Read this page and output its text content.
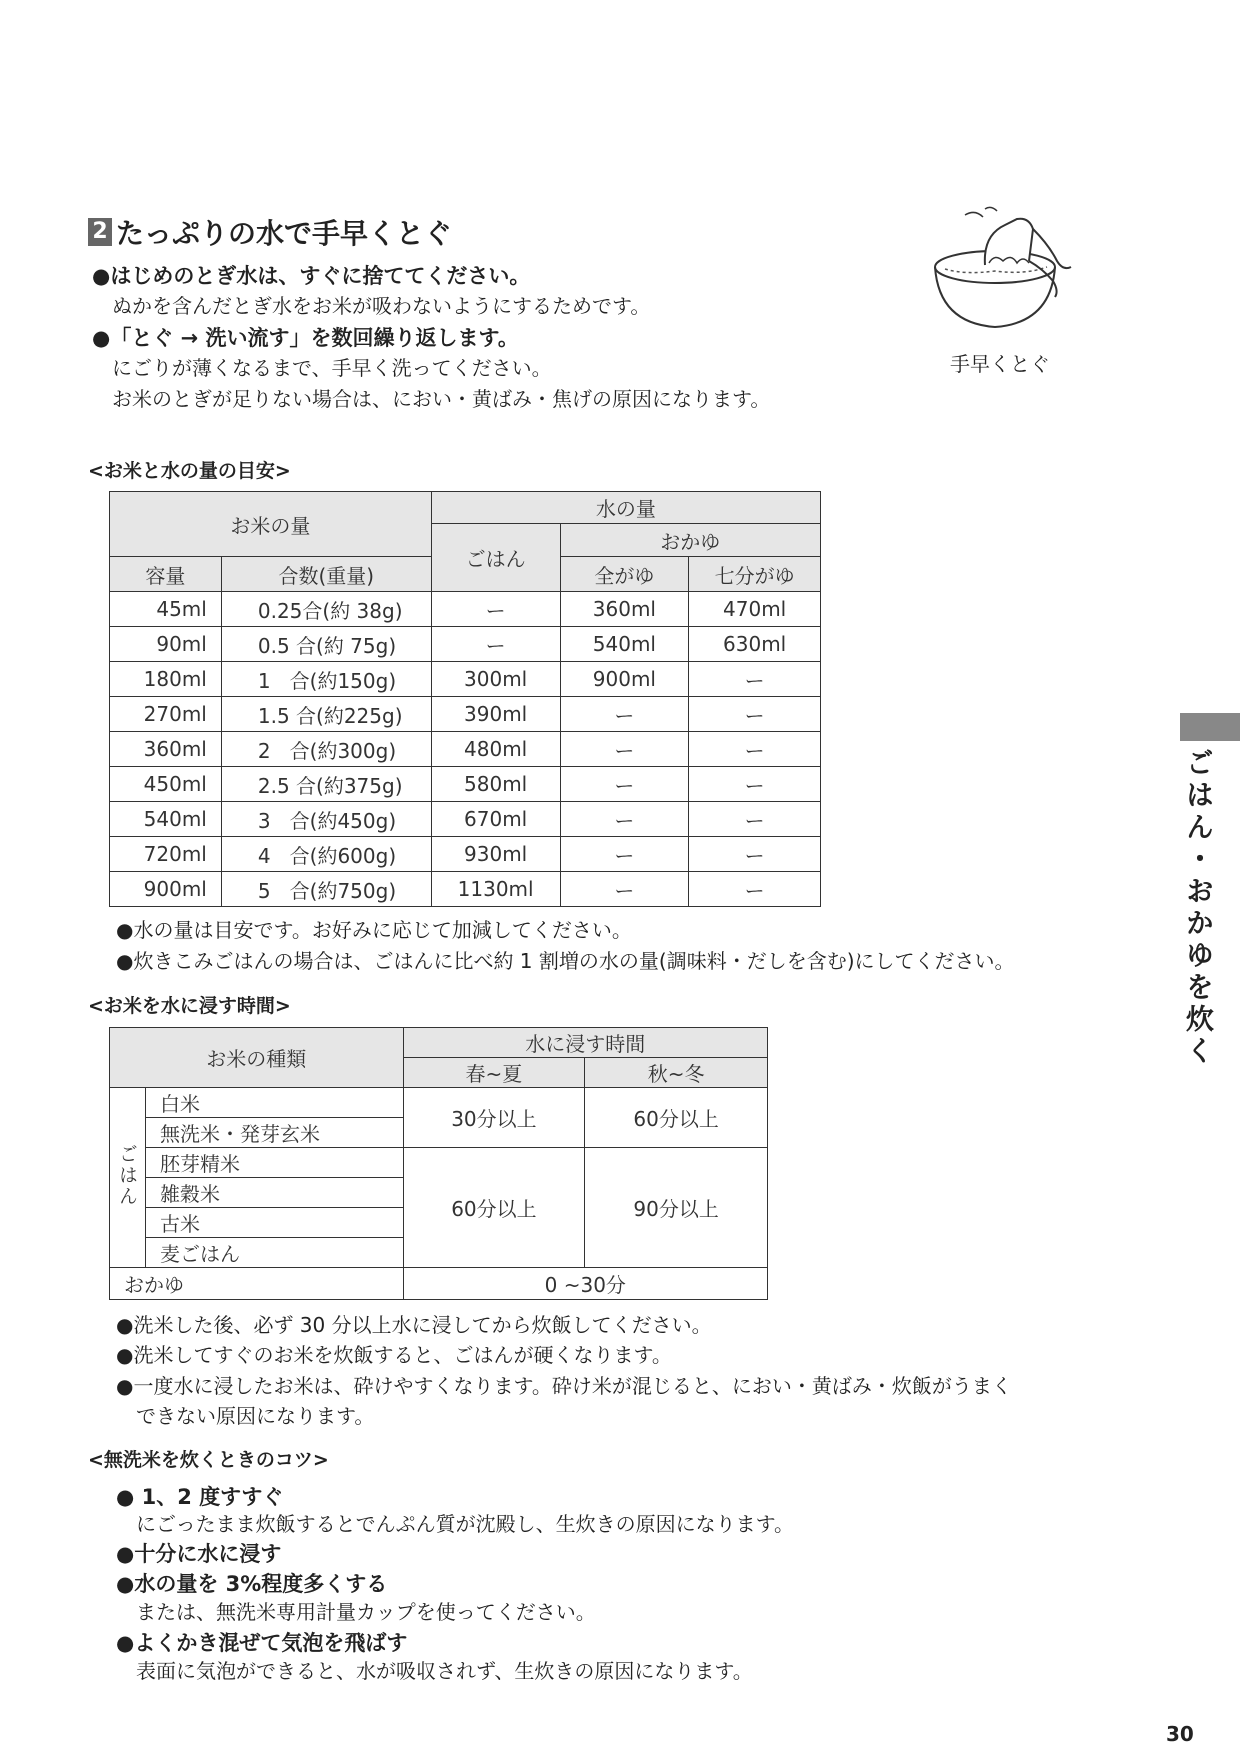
2 たっぷりの水で手早くとぐ
●はじめのとぎ水は、すぐに捨ててください。
ぬかを含んだとぎ水をお米が吸わないようにするためです。
●「とぐ → 洗い流す」を数回繰り返します。
にごりが薄くなるまで、手早く洗ってください。
お米のとぎが足りない場合は、におい・黄ばみ・焦げの原因になります。
手早くとぐ
<お米と水の量の目安>
お米の量		水の量		
		ごはん	おかゆ	
容量	合数(重量)		全がゆ	七分がゆ
45ml	0.25合(約 38g)	ー	360ml	470ml
90ml	0.5 合(約 75g)	ー	540ml	630ml
180ml	1   合(約150g)	300ml	900ml	ー
270ml	1.5 合(約225g)	390ml	ー	ー
360ml	2   合(約300g)	480ml	ー	ー
450ml	2.5 合(約375g)	580ml	ー	ー
540ml	3   合(約450g)	670ml	ー	ー
720ml	4   合(約600g)	930ml	ー	ー
900ml	5   合(約750g)	1130ml	ー	ー
●水の量は目安です。お好みに応じて加減してください。
●炊きこみごはんの場合は、ごはんに比べ約 1 割増の水の量(調味料・だしを含む)にしてください。
<お米を水に浸す時間>
お米の種類		水に浸す時間	
		春~夏	秋~冬
ごはん	白米	30分以上	60分以上
	無洗米・発芽玄米		
	胚芽精米	60分以上	90分以上
	雑穀米		
	古米		
	麦ごはん		
おかゆ		0 ~30分	
●洗米した後、必ず 30 分以上水に浸してから炊飯してください。
●洗米してすぐのお米を炊飯すると、ごはんが硬くなります。
●一度水に浸したお米は、砕けやすくなります。砕け米が混じると、におい・黄ばみ・炊飯がうまく
できない原因になります。
<無洗米を炊くときのコツ>
● 1、2 度すすぐ
にごったまま炊飯するとでんぷん質が沈殿し、生炊きの原因になります。
●十分に水に浸す
●水の量を 3%程度多くする
または、無洗米専用計量カップを使ってください。
●よくかき混ぜて気泡を飛ばす
表面に気泡ができると、水が吸収されず、生炊きの原因になります。
ごはん・おかゆを炊く
30
